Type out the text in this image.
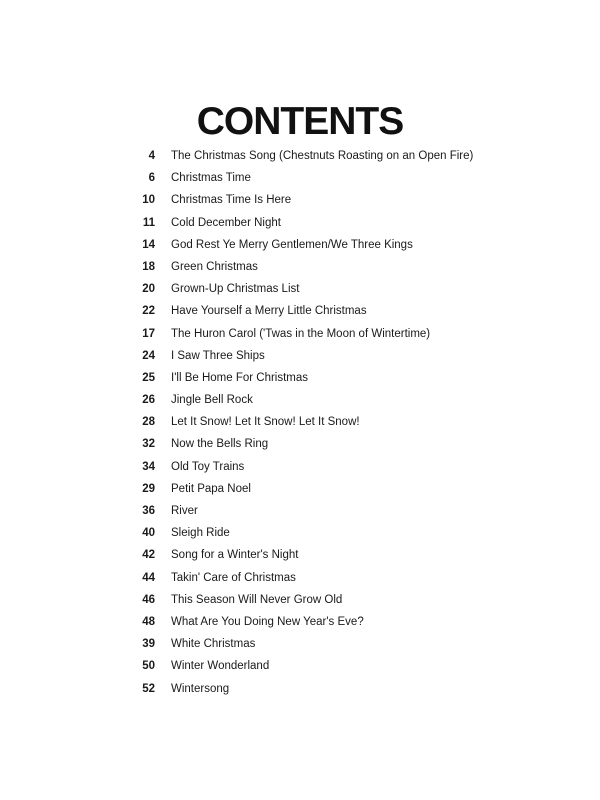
CONTENTS
4 The Christmas Song (Chestnuts Roasting on an Open Fire)
6 Christmas Time
10 Christmas Time Is Here
11 Cold December Night
14 God Rest Ye Merry Gentlemen/We Three Kings
18 Green Christmas
20 Grown-Up Christmas List
22 Have Yourself a Merry Little Christmas
17 The Huron Carol ('Twas in the Moon of Wintertime)
24 I Saw Three Ships
25 I'll Be Home For Christmas
26 Jingle Bell Rock
28 Let It Snow! Let It Snow! Let It Snow!
32 Now the Bells Ring
34 Old Toy Trains
29 Petit Papa Noel
36 River
40 Sleigh Ride
42 Song for a Winter's Night
44 Takin' Care of Christmas
46 This Season Will Never Grow Old
48 What Are You Doing New Year's Eve?
39 White Christmas
50 Winter Wonderland
52 Wintersong
